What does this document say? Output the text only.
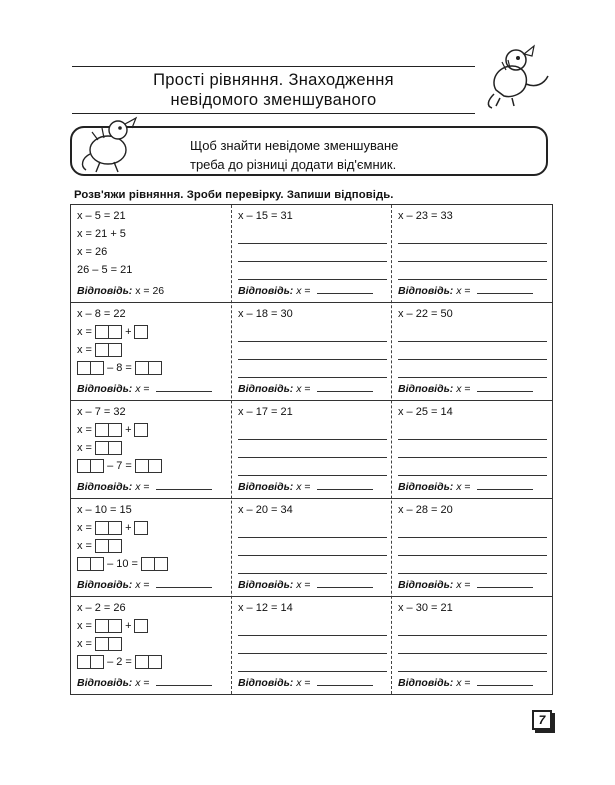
Прості рівняння. Знаходження
невідомого зменшуваного
Щоб знайти невідоме зменшуване
треба до різниці додати від'ємник.
Розв'яжи рівняння. Зроби перевірку. Запиши відповідь.
x – 5 = 21
x = 21 + 5
x = 26
26 – 5 = 21
Відповідь: x = 26
x – 8 = 22
x =  +
x =
– 8 =
Відповідь: x =
x – 7 = 32
x =  +
x =
– 7 =
Відповідь: x =
x – 10 = 15
x =  +
x =
– 10 =
Відповідь: x =
x – 2 = 26
x =  +
x =
– 2 =
Відповідь: x =
x – 15 = 31
Відповідь: x =
x – 18 = 30
Відповідь: x =
x – 17 = 21
Відповідь: x =
x – 20 = 34
Відповідь: x =
x – 12 = 14
Відповідь: x =
x – 23 = 33
Відповідь: x =
x – 22 = 50
Відповідь: x =
x – 25 = 14
Відповідь: x =
x – 28 = 20
Відповідь: x =
x – 30 = 21
Відповідь: x =
7
